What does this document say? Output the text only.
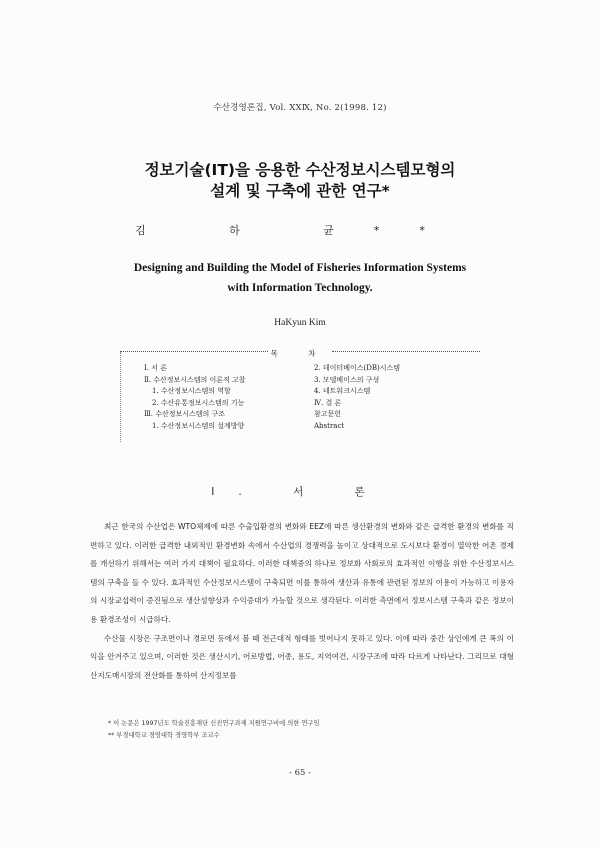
수산경영론집, Vol. ⅩⅩⅨ, No. 2(1998. 12)
정보기술(IT)을 응용한 수산정보시스템모형의
설계 및 구축에 관한 연구*
김 하 균**
Designing and Building the Model of Fisheries Information Systems
with Information Technology.
HaKyun Kim
목 차
Ⅰ. 서 론
Ⅱ. 수산정보시스템의 이론적 고찰
1. 수산정보시스템의 역할
2. 수산유통정보시스템의 기능
Ⅲ. 수산정보시스템의 구조
1. 수산정보시스템의 설계방향
2. 데이터베이스(DB)시스템
3. 모델베이스의 구성
4. 네트워크시스템
Ⅳ. 결 론
참고문헌
Abstract
Ⅰ. 서 론

최근 한국의 수산업은 WTO체제에 따른 수출입환경의 변화와 EEZ에 따른 생산환경의 변화와 같은 급격한 환경의 변화를 직면하고 있다. 이러한 급격한 내외적인 환경변화 속에서 수산업의 경쟁력을 높이고 상대적으로 도시보다 환경이 열악한 어촌 경제를 개선하기 위해서는 여러 가지 대책이 필요하다. 이러한 대책중의 하나로 정보화 사회로의 효과적인 이행을 위한 수산정보시스템의 구축을 들 수 있다. 효과적인 수산정보시스템이 구축되면 이를 통하여 생산과 유통에 관련된 정보의 이용이 가능하고 이용자의 시장교섭력이 증진됨으로 생산성향상과 수익증대가 가능할 것으로 생각된다. 이러한 측면에서 정보시스템 구축과 같은 정보이용 환경조성이 시급하다.

수산물 시장은 구조면이나 경로면 등에서 볼 때 전근대적 형태를 벗어나지 못하고 있다. 이에 따라 중간 상인에게 큰 폭의 이익을 안겨주고 있으며, 이러한 것은 생산시기, 어로방법, 어종, 용도, 지역여건, 시장구조에 따라 다르게 나타난다. 그리므로 대형 산지도매시장의 전산화를 통하여 산지정보를

* 이 논문은 1997년도 학술진흥재단 신진연구과제 지원연구비에 의한 연구임
** 부경대학교 경영대학 경영학부 조교수
- 65 -
